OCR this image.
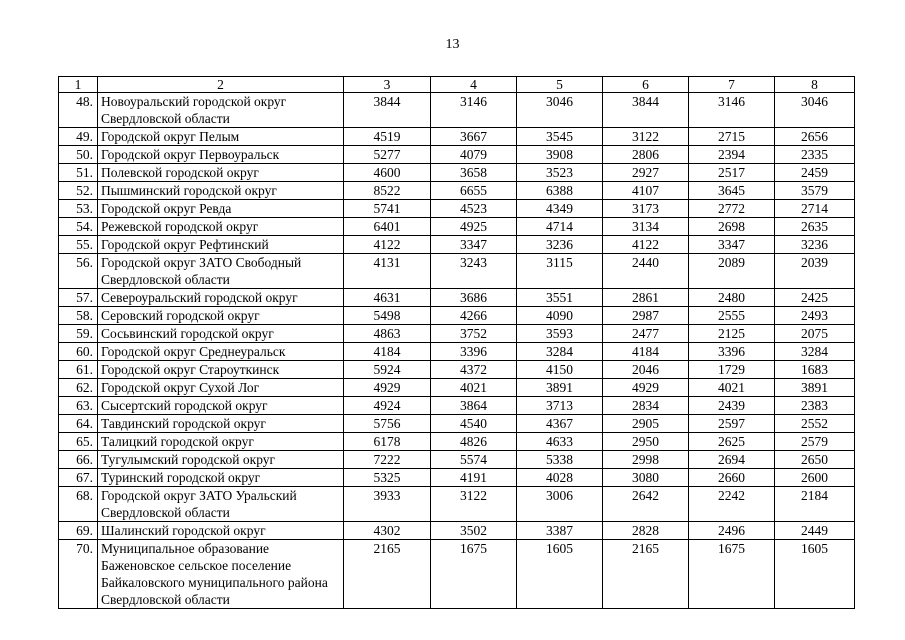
13
1	2	3	4	5	6	7	8
48.	Новоуральский городской округ Свердловской области	3844	3146	3046	3844	3146	3046
49.	Городской округ Пелым	4519	3667	3545	3122	2715	2656
50.	Городской округ Первоуральск	5277	4079	3908	2806	2394	2335
51.	Полевской городской округ	4600	3658	3523	2927	2517	2459
52.	Пышминский городской округ	8522	6655	6388	4107	3645	3579
53.	Городской округ Ревда	5741	4523	4349	3173	2772	2714
54.	Режевской городской округ	6401	4925	4714	3134	2698	2635
55.	Городской округ Рефтинский	4122	3347	3236	4122	3347	3236
56.	Городской округ ЗАТО Свободный Свердловской области	4131	3243	3115	2440	2089	2039
57.	Североуральский городской округ	4631	3686	3551	2861	2480	2425
58.	Серовский городской округ	5498	4266	4090	2987	2555	2493
59.	Сосьвинский городской округ	4863	3752	3593	2477	2125	2075
60.	Городской округ Среднеуральск	4184	3396	3284	4184	3396	3284
61.	Городской округ Староуткинск	5924	4372	4150	2046	1729	1683
62.	Городской округ Сухой Лог	4929	4021	3891	4929	4021	3891
63.	Сысертский городской округ	4924	3864	3713	2834	2439	2383
64.	Тавдинский городской округ	5756	4540	4367	2905	2597	2552
65.	Талицкий городской округ	6178	4826	4633	2950	2625	2579
66.	Тугулымский городской округ	7222	5574	5338	2998	2694	2650
67.	Туринский городской округ	5325	4191	4028	3080	2660	2600
68.	Городской округ ЗАТО Уральский Свердловской области	3933	3122	3006	2642	2242	2184
69.	Шалинский городской округ	4302	3502	3387	2828	2496	2449
70.	Муниципальное образование Баженовское сельское поселение Байкаловского муниципального района Свердловской области	2165	1675	1605	2165	1675	1605
